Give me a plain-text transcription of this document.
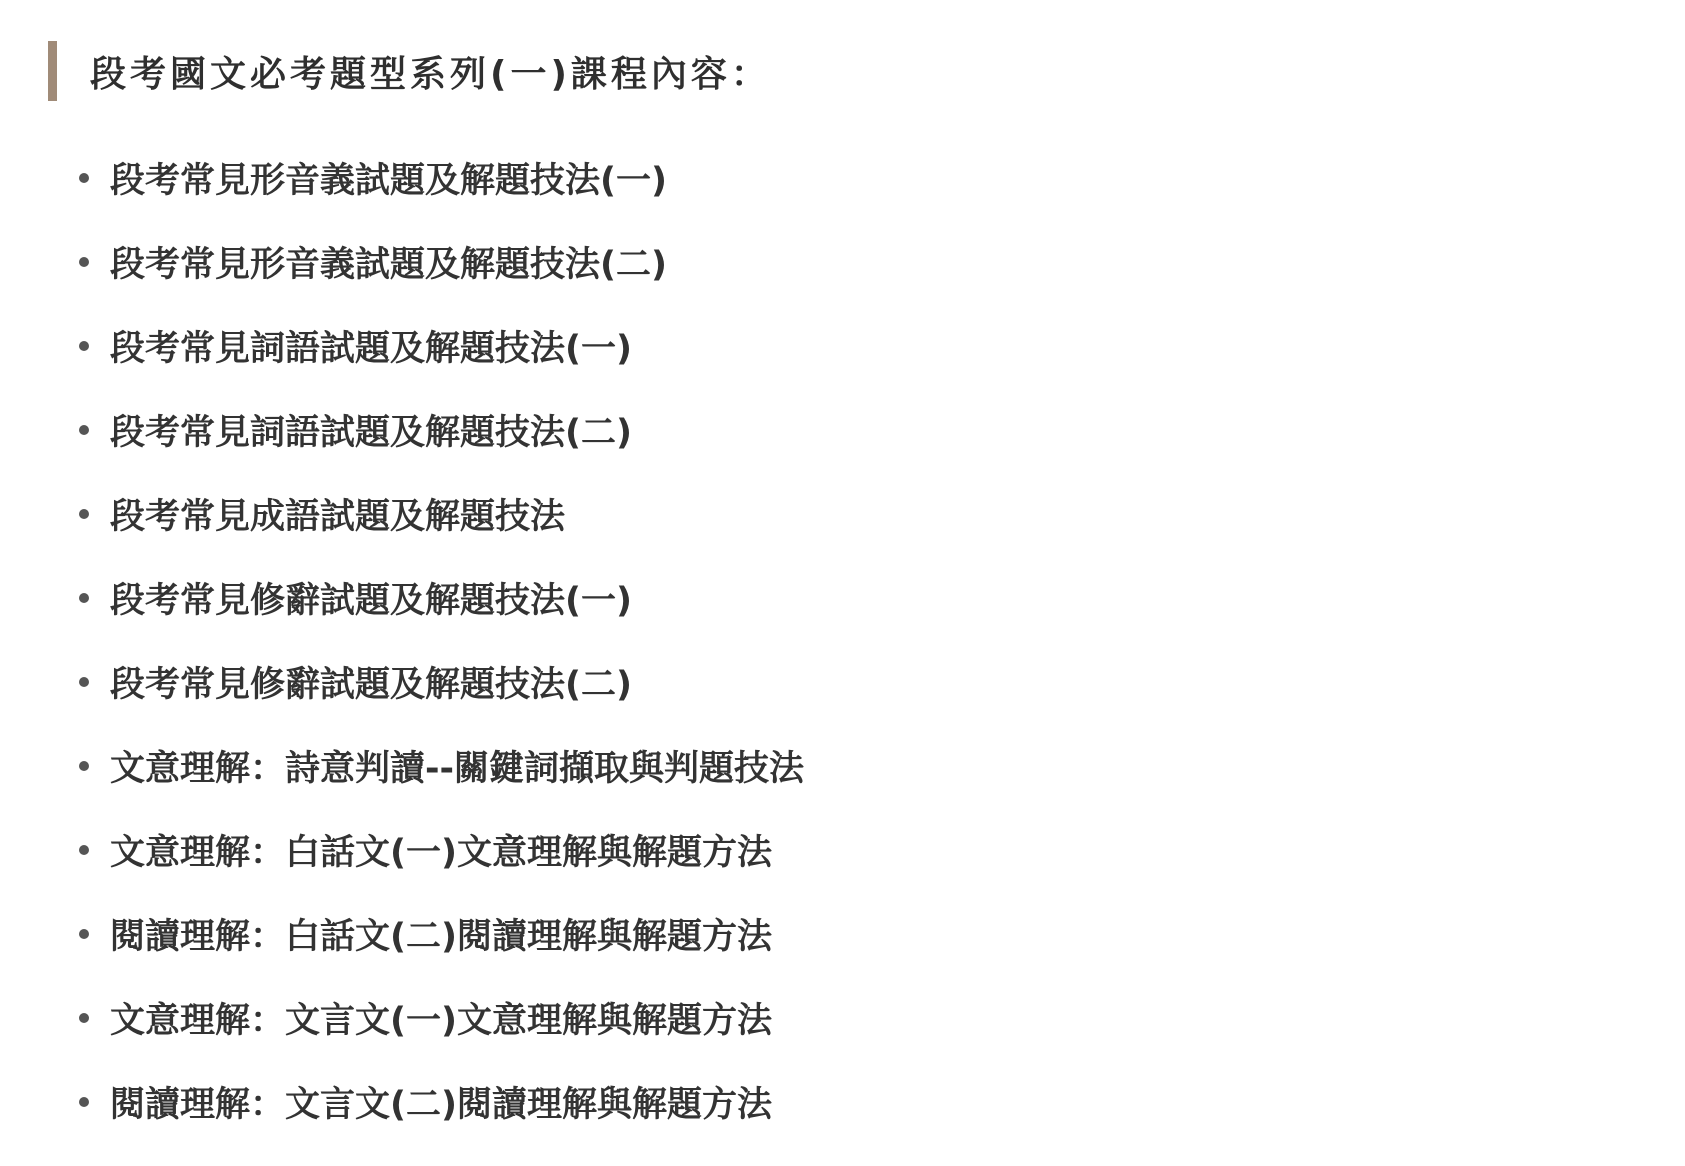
段考國文必考題型系列(一)課程內容：
段考常見形音義試題及解題技法(一)
段考常見形音義試題及解題技法(二)
段考常見詞語試題及解題技法(一)
段考常見詞語試題及解題技法(二)
段考常見成語試題及解題技法
段考常見修辭試題及解題技法(一)
段考常見修辭試題及解題技法(二)
文意理解：詩意判讀--關鍵詞擷取與判題技法
文意理解：白話文(一)文意理解與解題方法
閱讀理解：白話文(二)閱讀理解與解題方法
文意理解：文言文(一)文意理解與解題方法
閱讀理解：文言文(二)閱讀理解與解題方法
